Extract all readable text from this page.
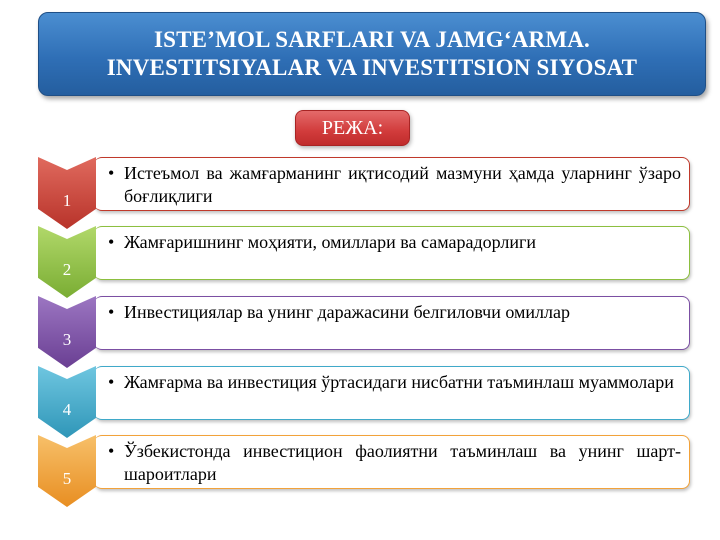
ISTE’MOL SARFLARI VA JAMG‘ARMA.
INVESTITSIYALAR VA INVESTITSION SIYOSAT
РЕЖА:
• Истеъмол ва жамғарманинг иқтисодий мазмуни ҳамда уларнинг ўзаро боғлиқлиги
1
• Жамғаришнинг моҳияти, омиллари ва самарадорлиги
2
• Инвестициялар ва унинг даражасини белгиловчи омиллар
3
• Жамғарма ва инвестиция ўртасидаги нисбатни таъминлаш муаммолари
4
• Ўзбекистонда инвестицион фаолиятни таъминлаш ва унинг шарт-шароитлари
5
